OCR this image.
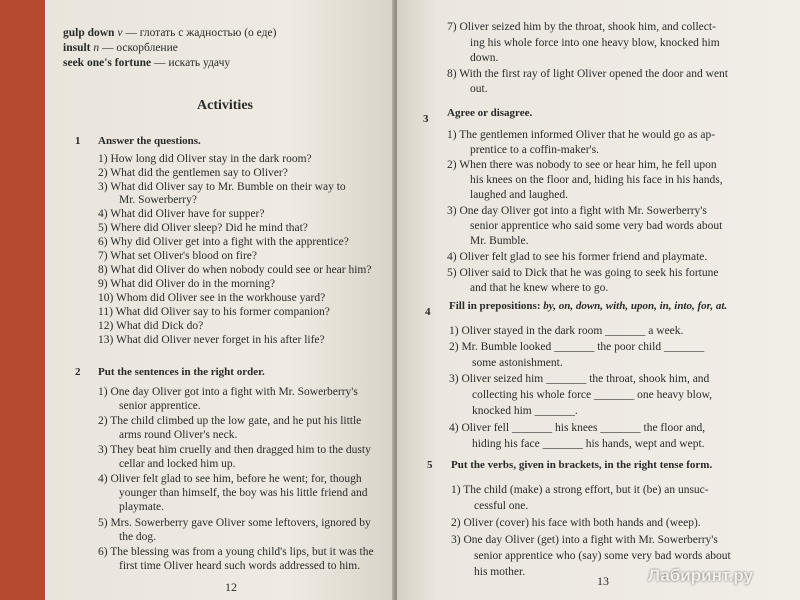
gulp down v — глотать с жадностью (о еде)
insult n — оскорбление
seek one's fortune — искать удачу
Activities
1 Answer the questions.
1) How long did Oliver stay in the dark room?
2) What did the gentlemen say to Oliver?
3) What did Oliver say to Mr. Bumble on their way to
Mr. Sowerberry?
4) What did Oliver have for supper?
5) Where did Oliver sleep? Did he mind that?
6) Why did Oliver get into a fight with the apprentice?
7) What set Oliver's blood on fire?
8) What did Oliver do when nobody could see or hear him?
9) What did Oliver do in the morning?
10) Whom did Oliver see in the workhouse yard?
11) What did Oliver say to his former companion?
12) What did Dick do?
13) What did Oliver never forget in his after life?
2 Put the sentences in the right order.
1) One day Oliver got into a fight with Mr. Sowerberry's
senior apprentice.
2) The child climbed up the low gate, and he put his little
arms round Oliver's neck.
3) They beat him cruelly and then dragged him to the dusty
cellar and locked him up.
4) Oliver felt glad to see him, before he went; for, though
younger than himself, the boy was his little friend and
playmate.
5) Mrs. Sowerberry gave Oliver some leftovers, ignored by
the dog.
6) The blessing was from a young child's lips, but it was the
first time Oliver heard such words addressed to him.
12
7) Oliver seized him by the throat, shook him, and collect-
ing his whole force into one heavy blow, knocked him
down.
8) With the first ray of light Oliver opened the door and went
out.
3 Agree or disagree.
1) The gentlemen informed Oliver that he would go as ap-
prentice to a coffin-maker's.
2) When there was nobody to see or hear him, he fell upon
his knees on the floor and, hiding his face in his hands,
laughed and laughed.
3) One day Oliver got into a fight with Mr. Sowerberry's
senior apprentice who said some very bad words about
Mr. Bumble.
4) Oliver felt glad to see his former friend and playmate.
5) Oliver said to Dick that he was going to seek his fortune
and that he knew where to go.
4 Fill in prepositions: by, on, down, with, upon, in, into, for, at.
1) Oliver stayed in the dark room _______ a week.
2) Mr. Bumble looked _______ the poor child _______
some astonishment.
3) Oliver seized him _______ the throat, shook him, and
collecting his whole force _______ one heavy blow,
knocked him _______.
4) Oliver fell _______ his knees _______ the floor and,
hiding his face _______ his hands, wept and wept.
5 Put the verbs, given in brackets, in the right tense form.
1) The child (make) a strong effort, but it (be) an unsuc-
cessful one.
2) Oliver (cover) his face with both hands and (weep).
3) One day Oliver (get) into a fight with Mr. Sowerberry's
senior apprentice who (say) some very bad words about
his mother.
13 Лабиринт.ру
